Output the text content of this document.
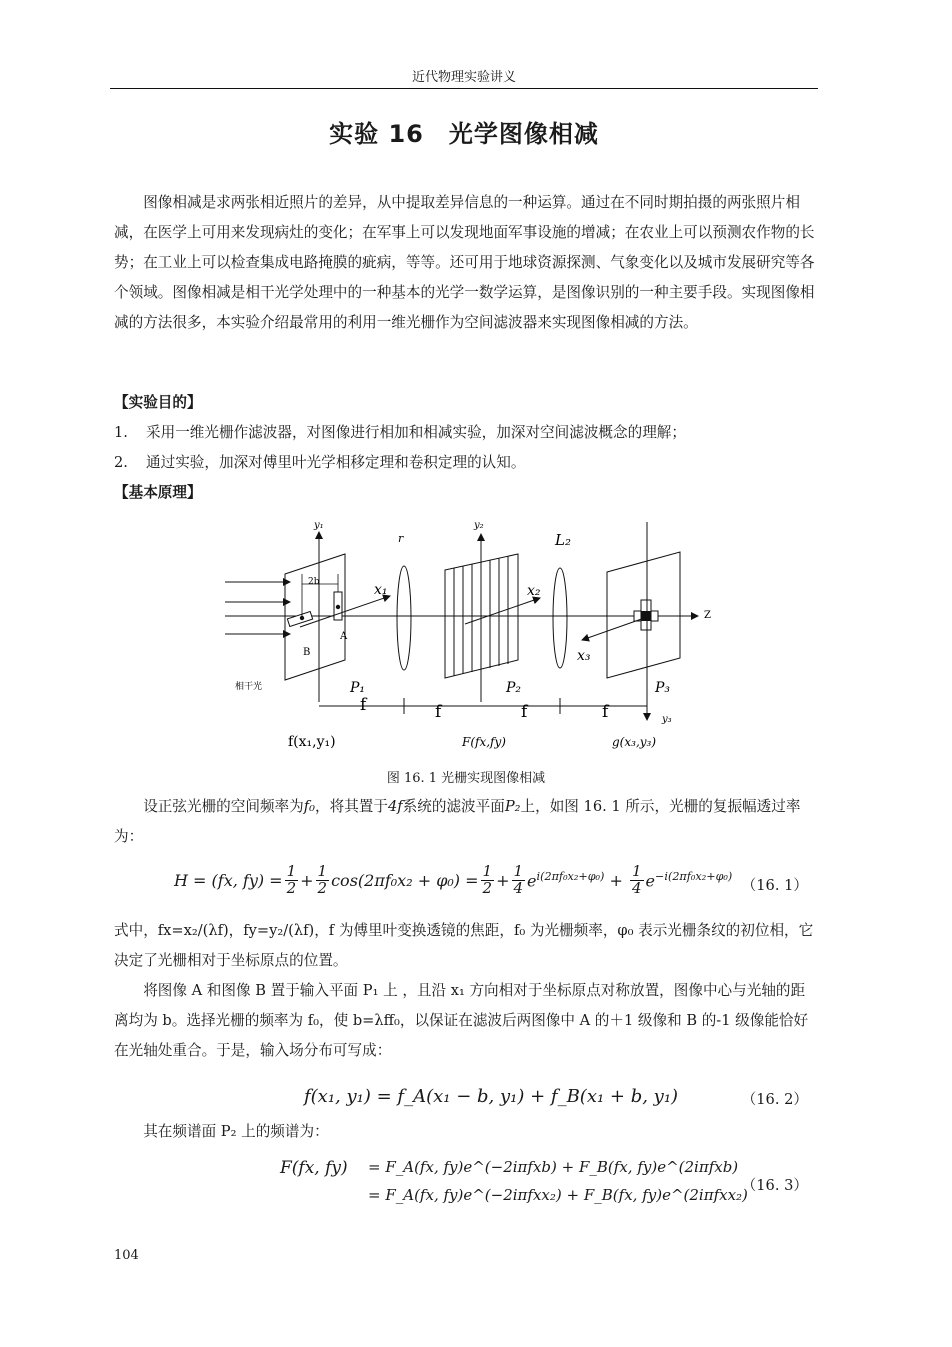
近代物理实验讲义
实验 16　光学图像相减

图像相减是求两张相近照片的差异，从中提取差异信息的一种运算。通过在不同时期拍摄的两张照片相减，在医学上可用来发现病灶的变化；在军事上可以发现地面军事设施的增减；在农业上可以预测农作物的长势；在工业上可以检查集成电路掩膜的疵病，等等。还可用于地球资源探测、气象变化以及城市发展研究等各个领域。图像相减是相干光学处理中的一种基本的光学一数学运算，是图像识别的一种主要手段。实现图像相减的方法很多，本实验介绍最常用的利用一维光栅作为空间滤波器来实现图像相减的方法。

【实验目的】
1.	采用一维光栅作滤波器，对图像进行相加和相减实验，加深对空间滤波概念的理解；
2.	通过实验，加深对傅里叶光学相移定理和卷积定理的认知。
【基本原理】
2b
A
B
y₁
x₁
r
y₂
x₂
L₂
x₃
y₃
Z
相干光	P₁	P₂	P₃
f	f	f	f
f(x₁,y₁)	F(fx,fy)	g(x₃,y₃)
图 16. 1 光栅实现图像相减

设正弦光栅的空间频率为f₀，将其置于4f系统的滤波平面P₂上，如图 16. 1 所示，光栅的复振幅透过率为：

H = (fx, $fy) = \frac{1}{2} + \frac{1}{2} \cos(2\pi f_0x_2 + \varphi_0) = \frac{1}{2} + \frac{1}{4} e^{i(2\pi f_0x_2+\varphi_0)} + \frac{1}{4} e^{-i(2\pi f_0x_2+\varphi_0)}$
（16. 1）

式中，fx=x₂/(λf)，fy=y₂/(λf)，f 为傅里叶变换透镜的焦距，f₀ 为光栅频率，φ₀ 表示光栅条纹的初位相，它决定了光栅相对于坐标原点的位置。

将图像 A 和图像 B 置于输入平面 P₁ 上 ，且沿 x₁ 方向相对于坐标原点对称放置，图像中心与光轴的距离均为 b。选择光栅的频率为 f₀，使 b=λff₀，以保证在滤波后两图像中 A 的＋1 级像和 B 的-1 级像能恰好在光轴处重合。于是，输入场分布可写成：

f(x₁, y₁) = f_A(x₁ − b, y₁) + f_B(x₁ + b, y₁)	（16. 2）

其在频谱面 P₂ 上的频谱为：

F(fx, fy) = F_A(fx, fy)e^(−2iπfxb) + F_B(fx, fy)e^(2iπfxb)
= F_A(fx, fy)e^(−2iπfxx₂) + F_B(fx, fy)e^(2iπfxx₂)
（16. 3）
104
